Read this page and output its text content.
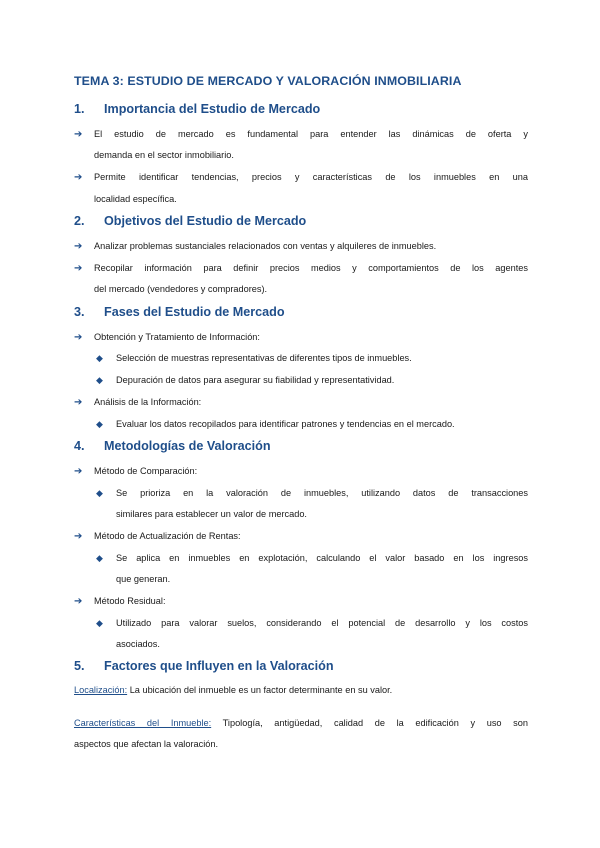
TEMA 3: ESTUDIO DE MERCADO Y VALORACIÓN INMOBILIARIA
1. Importancia del Estudio de Mercado
➔ El estudio de mercado es fundamental para entender las dinámicas de oferta y
demanda en el sector inmobiliario.
➔ Permite identificar tendencias, precios y características de los inmuebles en una
localidad específica.
2. Objetivos del Estudio de Mercado
➔ Analizar problemas sustanciales relacionados con ventas y alquileres de inmuebles.
➔ Recopilar información para definir precios medios y comportamientos de los agentes
del mercado (vendedores y compradores).
3. Fases del Estudio de Mercado
➔ Obtención y Tratamiento de Información:
◆ Selección de muestras representativas de diferentes tipos de inmuebles.
◆ Depuración de datos para asegurar su fiabilidad y representatividad.
➔ Análisis de la Información:
◆ Evaluar los datos recopilados para identificar patrones y tendencias en el mercado.
4. Metodologías de Valoración
➔ Método de Comparación:
◆ Se prioriza en la valoración de inmuebles, utilizando datos de transacciones
similares para establecer un valor de mercado.
➔ Método de Actualización de Rentas:
◆ Se aplica en inmuebles en explotación, calculando el valor basado en los ingresos
que generan.
➔ Método Residual:
◆ Utilizado para valorar suelos, considerando el potencial de desarrollo y los costos
asociados.
5. Factores que Influyen en la Valoración
Localización: La ubicación del inmueble es un factor determinante en su valor.
Características del Inmueble: Tipología, antigüedad, calidad de la edificación y uso son
aspectos que afectan la valoración.
